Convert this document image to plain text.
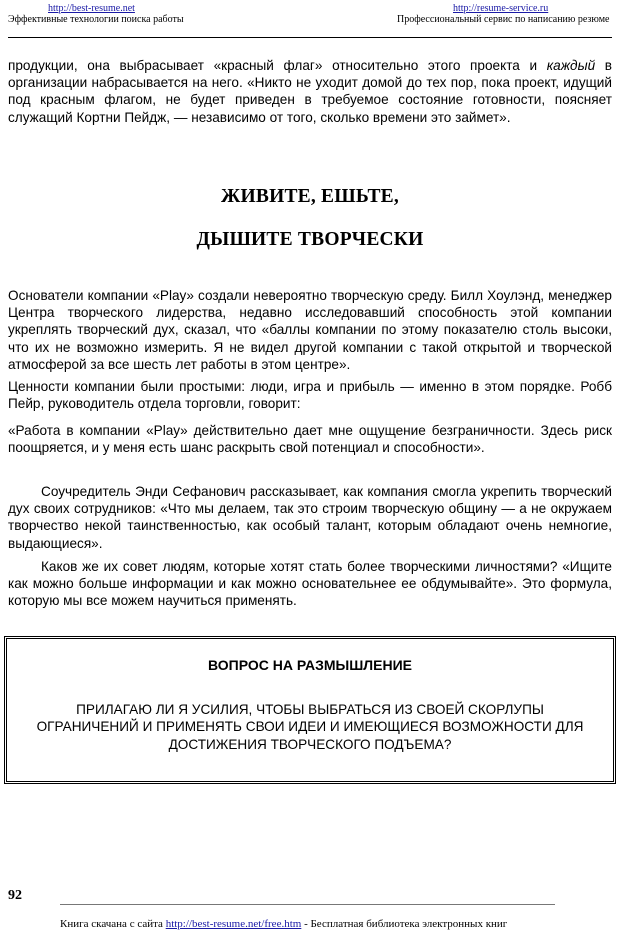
http://best-resume.net
Эффективные технологии поиска работы
http://resume-service.ru
Профессиональный сервис по написанию резюме
продукции, она выбрасывает «красный флаг» относительно этого проекта и каждый в организации набрасывается на него. «Никто не уходит домой до тех пор, пока проект, идущий под красным флагом, не будет приведен в требуемое состояние готовности, поясняет служащий Кортни Пейдж, — независимо от того, сколько времени это займет».
ЖИВИТЕ, ЕШЬТЕ,
ДЫШИТЕ ТВОРЧЕСКИ
Основатели компании «Play» создали невероятно творческую среду. Билл Хоулэнд, менеджер Центра творческого лидерства, недавно исследовавший способность этой компании укреплять творческий дух, сказал, что «баллы компании по этому показателю столь высоки, что их не возможно измерить. Я не видел другой компании с такой открытой и творческой атмосферой за все шесть лет работы в этом центре».
Ценности компании были простыми: люди, игра и прибыль — именно в этом порядке. Робб Пейр, руководитель отдела торговли, говорит:
«Работа в компании «Play» действительно дает мне ощущение безграничности. Здесь риск поощряется, и у меня есть шанс раскрыть свой потенциал и способности».
Соучредитель Энди Сефанович рассказывает, как компания смогла укрепить творческий дух своих сотрудников: «Что мы делаем, так это строим творческую общину — а не окружаем творчество некой таинственностью, как особый талант, которым обладают очень немногие, выдающиеся».
Каков же их совет людям, которые хотят стать более творческими личностями? «Ищите как можно больше информации и как можно основательнее ее обдумывайте». Это формула, которую мы все можем научиться применять.
ВОПРОС НА РАЗМЫШЛЕНИЕ
ПРИЛАГАЮ ЛИ Я УСИЛИЯ, ЧТОБЫ ВЫБРАТЬСЯ ИЗ СВОЕЙ СКОРЛУПЫ ОГРАНИЧЕНИЙ И ПРИМЕНЯТЬ СВОИ ИДЕИ И ИМЕЮЩИЕСЯ ВОЗМОЖНОСТИ ДЛЯ ДОСТИЖЕНИЯ ТВОРЧЕСКОГО ПОДЪЕМА?
92
Книга скачана с сайта http://best-resume.net/free.htm - Бесплатная библиотека электронных книг
